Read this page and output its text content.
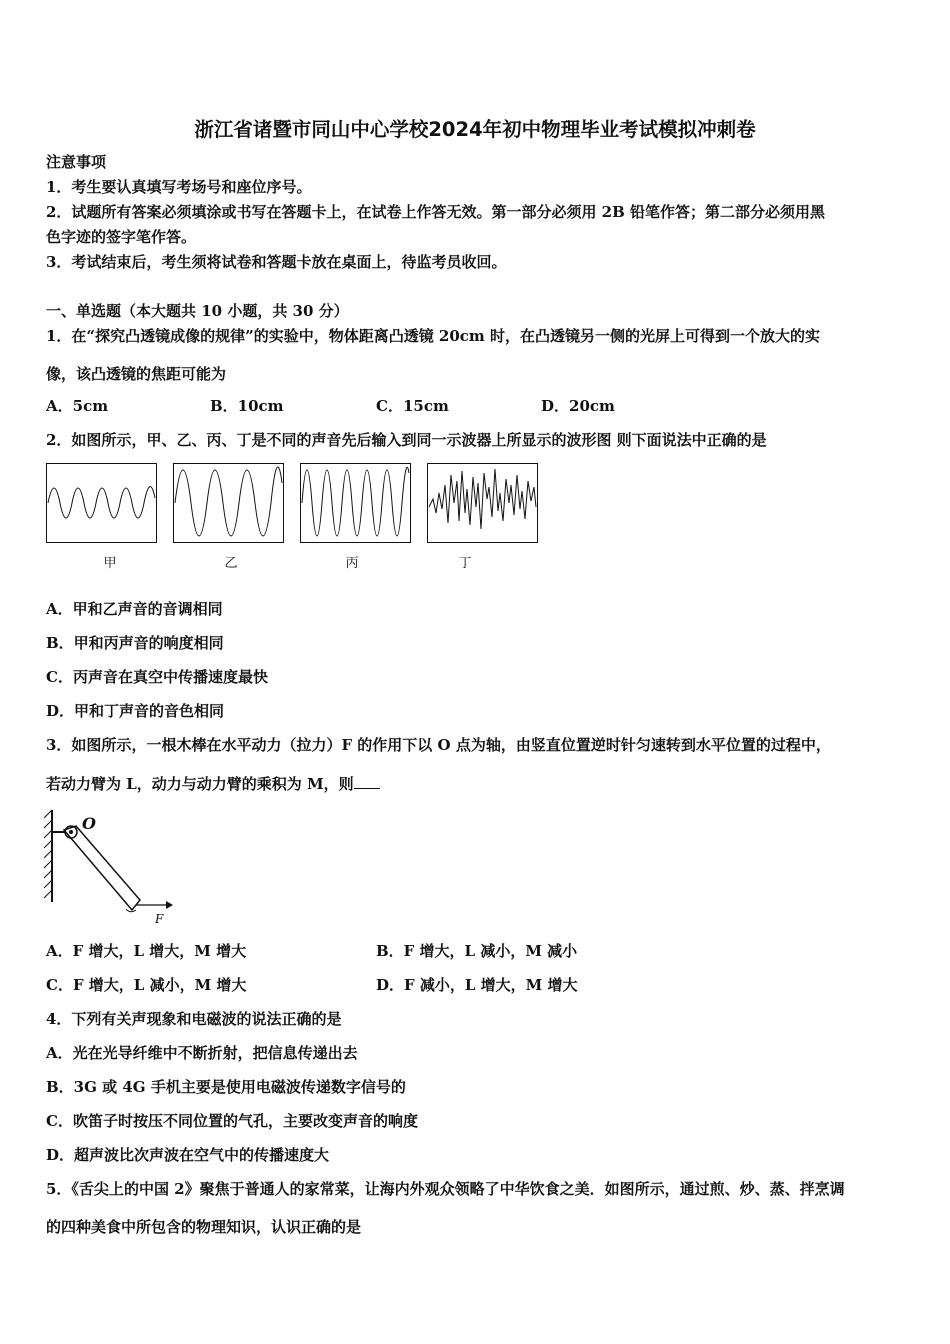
浙江省诸暨市同山中心学校2024年初中物理毕业考试模拟冲刺卷
注意事项
1．考生要认真填写考场号和座位序号。
2．试题所有答案必须填涂或书写在答题卡上，在试卷上作答无效。第一部分必须用 2B 铅笔作答；第二部分必须用黑
色字迹的签字笔作答。
3．考试结束后，考生须将试卷和答题卡放在桌面上，待监考员收回。
一、单选题（本大题共 10 小题，共 30 分）
1．在“探究凸透镜成像的规律”的实验中，物体距离凸透镜 20cm 时，在凸透镜另一侧的光屏上可得到一个放大的实
像，该凸透镜的焦距可能为
A．5cm	B．10cm	C．15cm	D．20cm
2．如图所示，甲、乙、丙、丁是不同的声音先后输入到同一示波器上所显示的波形图 则下面说法中正确的是
甲	乙	丙	丁
A．甲和乙声音的音调相同
B．甲和丙声音的响度相同
C．丙声音在真空中传播速度最快
D．甲和丁声音的音色相同
3．如图所示，一根木棒在水平动力（拉力）F 的作用下以 O 点为轴，由竖直位置逆时针匀速转到水平位置的过程中，
若动力臂为 L，动力与动力臂的乘积为 M，则
O
F
A．F 增大，L 增大，M 增大	B．F 增大，L 减小，M 减小
C．F 增大，L 减小，M 增大	D．F 减小，L 增大，M 增大
4．下列有关声现象和电磁波的说法正确的是
A．光在光导纤维中不断折射，把信息传递出去
B．3G 或 4G 手机主要是使用电磁波传递数字信号的
C．吹笛子时按压不同位置的气孔，主要改变声音的响度
D．超声波比次声波在空气中的传播速度大
5．《舌尖上的中国 2》聚焦于普通人的家常菜，让海内外观众领略了中华饮食之美．如图所示，通过煎、炒、蒸、拌烹调
的四种美食中所包含的物理知识，认识正确的是
